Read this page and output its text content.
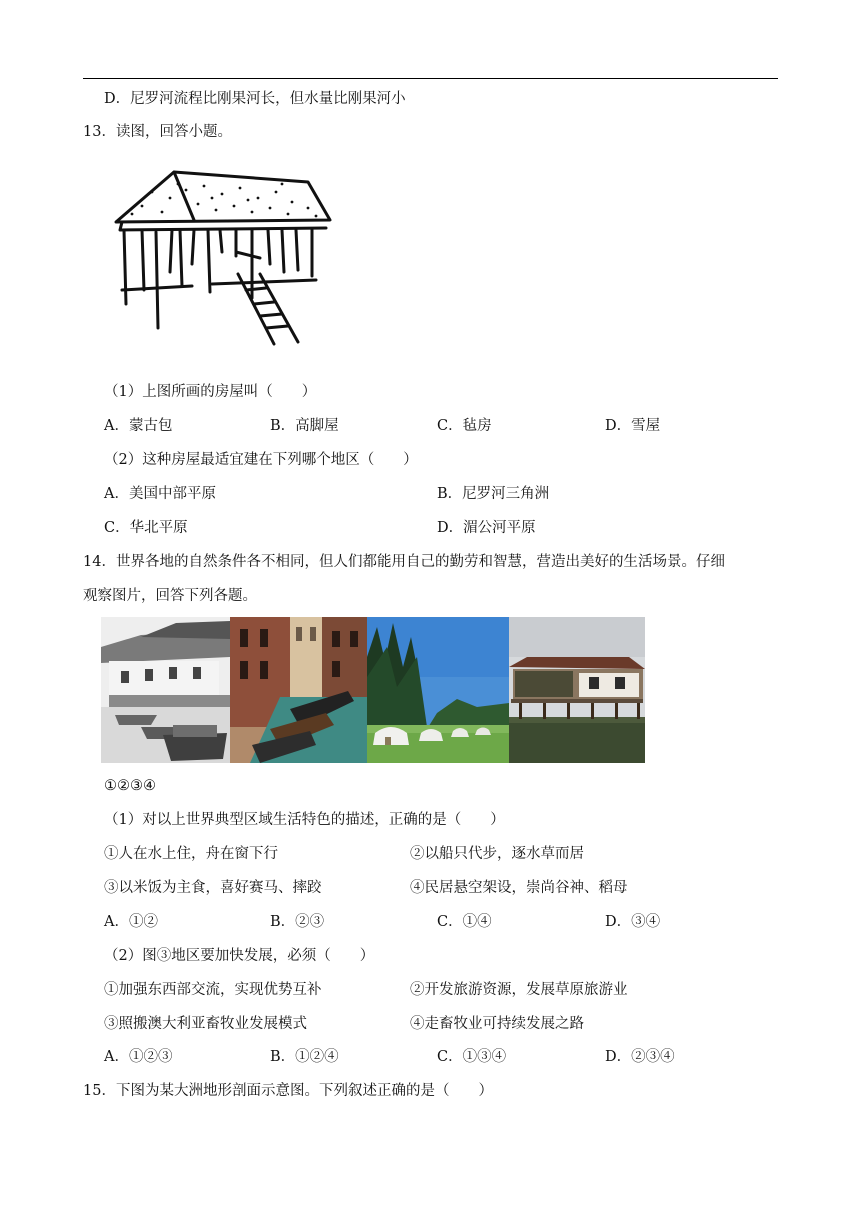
D．尼罗河流程比刚果河长，但水量比刚果河小
13．读图，回答小题。
（1）上图所画的房屋叫（　　）
A．蒙古包	B．高脚屋	C．毡房	D．雪屋
（2）这种房屋最适宜建在下列哪个地区（　　）
A．美国中部平原	B．尼罗河三角洲
C．华北平原	D．湄公河平原
14．世界各地的自然条件各不相同，但人们都能用自己的勤劳和智慧，营造出美好的生活场景。仔细
观察图片，回答下列各题。
①②③④
（1）对以上世界典型区域生活特色的描述，正确的是（　　）
①人在水上住，舟在窗下行	②以船只代步，逐水草而居
③以米饭为主食，喜好赛马、摔跤	④民居悬空架设，崇尚谷神、稻母
A．①②	B．②③	C．①④	D．③④
（2）图③地区要加快发展，必须（　　）
①加强东西部交流，实现优势互补	②开发旅游资源，发展草原旅游业
③照搬澳大利亚畜牧业发展模式	④走畜牧业可持续发展之路
A．①②③	B．①②④	C．①③④	D．②③④
15．下图为某大洲地形剖面示意图。下列叙述正确的是（　　）
